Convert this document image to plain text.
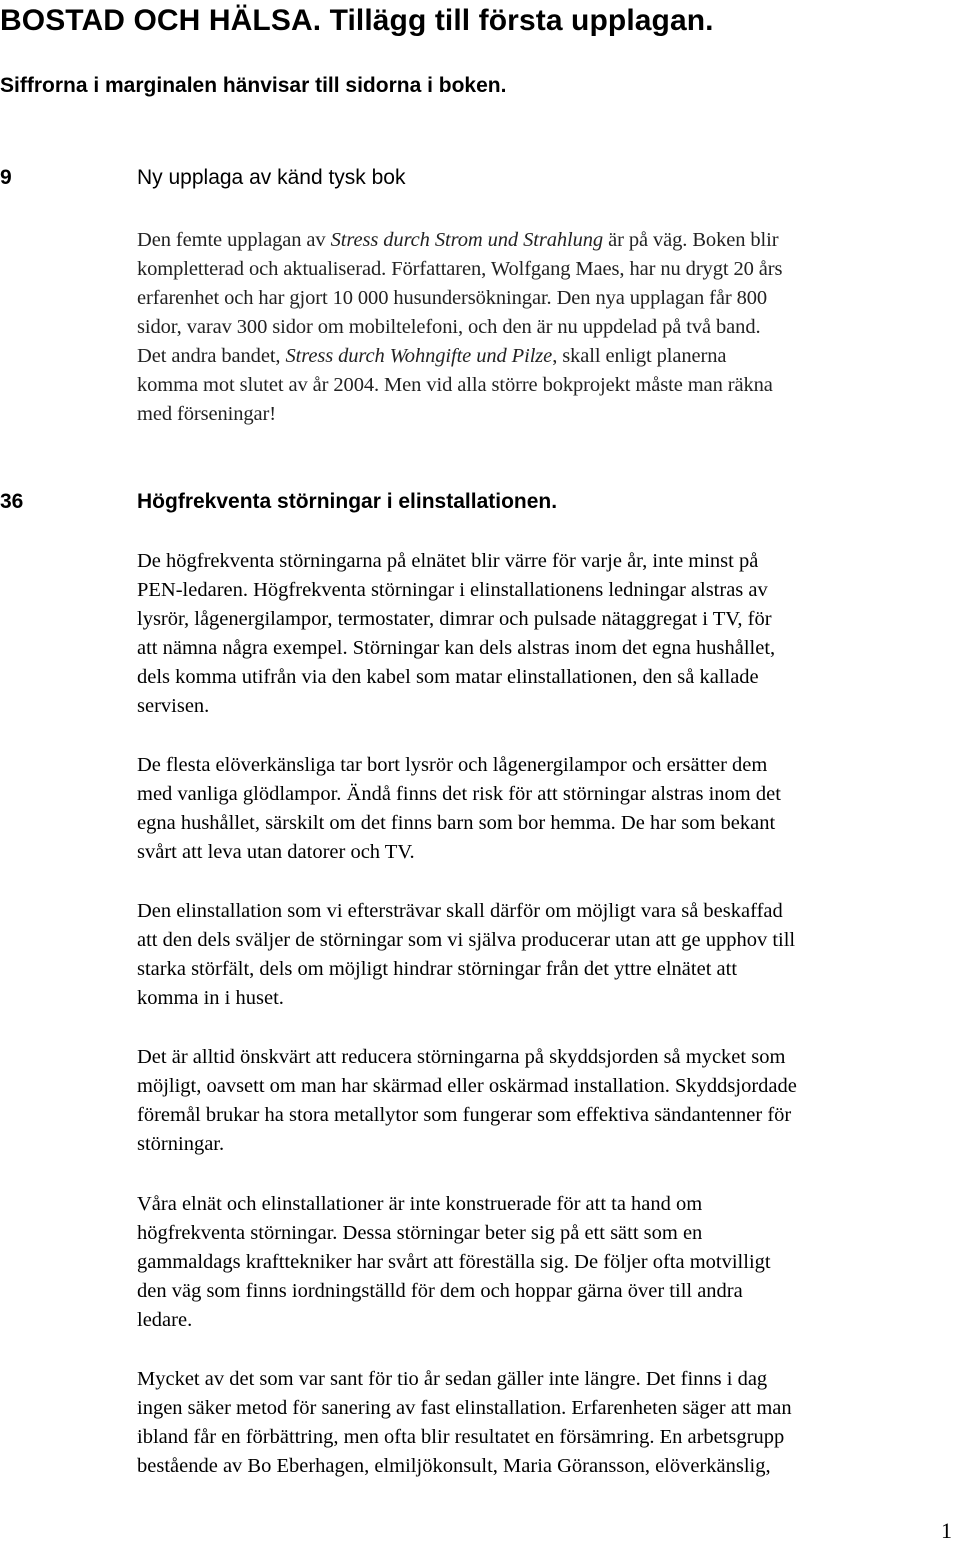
BOSTAD OCH HÄLSA. Tillägg till första upplagan.
Siffrorna i marginalen hänvisar till sidorna i boken.
9	Ny upplaga av känd tysk bok
Den femte upplagan av Stress durch Strom und Strahlung är på väg. Boken blir
kompletterad och aktualiserad. Författaren, Wolfgang Maes, har nu drygt 20 års
erfarenhet och har gjort 10 000 husundersökningar. Den nya upplagan får 800
sidor, varav 300 sidor om mobiltelefoni, och den är nu uppdelad på två band.
Det andra bandet, Stress durch Wohngifte und Pilze, skall enligt planerna
komma mot slutet av år 2004. Men vid alla större bokprojekt måste man räkna
med förseningar!
36	Högfrekventa störningar i elinstallationen.
De högfrekventa störningarna på elnätet blir värre för varje år, inte minst på
PEN-ledaren. Högfrekventa störningar i elinstallationens ledningar alstras av
lysrör, lågenergilampor, termostater, dimrar och pulsade nätaggregat i TV, för
att nämna några exempel. Störningar kan dels alstras inom det egna hushållet,
dels komma utifrån via den kabel som matar elinstallationen, den så kallade
servisen.
De flesta elöverkänsliga tar bort lysrör och lågenergilampor och ersätter dem
med vanliga glödlampor. Ändå finns det risk för att störningar alstras inom det
egna hushållet, särskilt om det finns barn som bor hemma. De har som bekant
svårt att leva utan datorer och TV.
Den elinstallation som vi eftersträvar skall därför om möjligt vara så beskaffad
att den dels sväljer de störningar som vi själva producerar utan att ge upphov till
starka störfält, dels om möjligt hindrar störningar från det yttre elnätet att
komma in i huset.
Det är alltid önskvärt att reducera störningarna på skyddsjorden så mycket som
möjligt, oavsett om man har skärmad eller oskärmad installation. Skyddsjordade
föremål brukar ha stora metallytor som fungerar som effektiva sändantenner för
störningar.
Våra elnät och elinstallationer är inte konstruerade för att ta hand om
högfrekventa störningar. Dessa störningar beter sig på ett sätt som en
gammaldags krafttekniker har svårt att föreställa sig. De följer ofta motvilligt
den väg som finns iordningställd för dem och hoppar gärna över till andra
ledare.
Mycket av det som var sant för tio år sedan gäller inte längre. Det finns i dag
ingen säker metod för sanering av fast elinstallation. Erfarenheten säger att man
ibland får en förbättring, men ofta blir resultatet en försämring. En arbetsgrupp
bestående av Bo Eberhagen, elmiljökonsult, Maria Göransson, elöverkänslig,
1
